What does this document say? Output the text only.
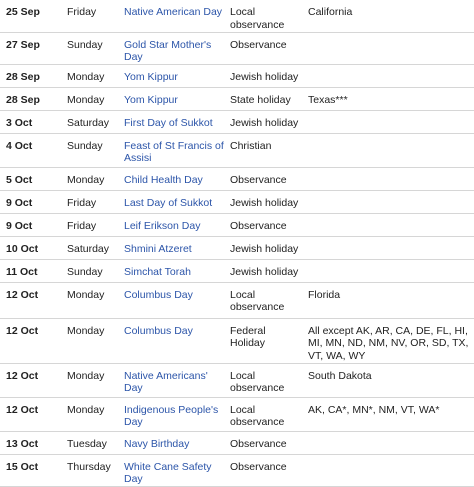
25 Sep	Friday	Native American Day	Local observance	California
27 Sep	Sunday	Gold Star Mother's Day	Observance	
28 Sep	Monday	Yom Kippur	Jewish holiday	
28 Sep	Monday	Yom Kippur	State holiday	Texas***
3 Oct	Saturday	First Day of Sukkot	Jewish holiday	
4 Oct	Sunday	Feast of St Francis of Assisi	Christian	
5 Oct	Monday	Child Health Day	Observance	
9 Oct	Friday	Last Day of Sukkot	Jewish holiday	
9 Oct	Friday	Leif Erikson Day	Observance	
10 Oct	Saturday	Shmini Atzeret	Jewish holiday	
11 Oct	Sunday	Simchat Torah	Jewish holiday	
12 Oct	Monday	Columbus Day	Local observance	Florida
12 Oct	Monday	Columbus Day	Federal Holiday	All except AK, AR, CA, DE, FL, HI, MI, MN, ND, NM, NV, OR, SD, TX, VT, WA, WY
12 Oct	Monday	Native Americans' Day	Local observance	South Dakota
12 Oct	Monday	Indigenous People's Day	Local observance	AK, CA*, MN*, NM, VT, WA*
13 Oct	Tuesday	Navy Birthday	Observance	
15 Oct	Thursday	White Cane Safety Day	Observance	
